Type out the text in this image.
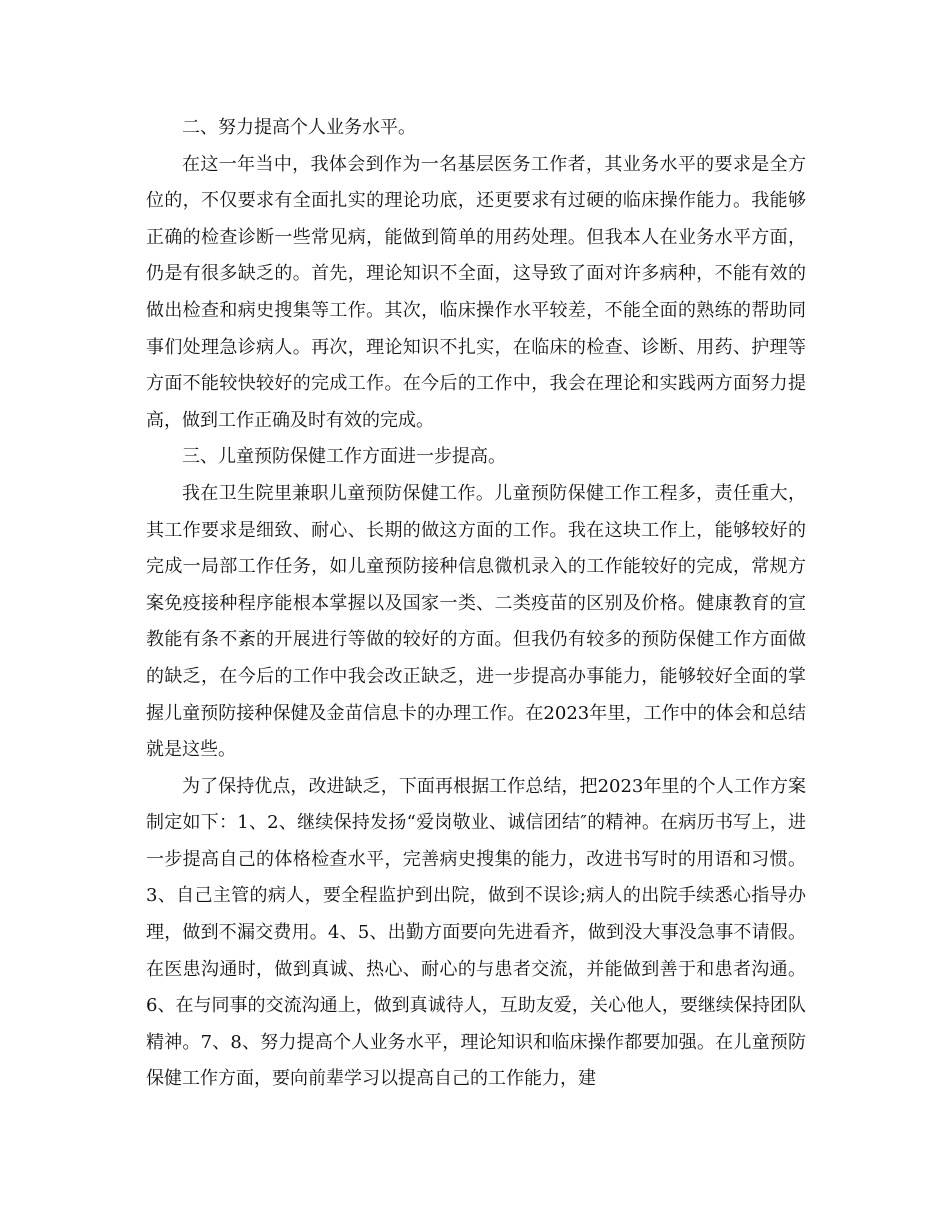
二、努力提高个人业务水平。

在这一年当中，我体会到作为一名基层医务工作者，其业务水平的要求是全方位的，不仅要求有全面扎实的理论功底，还更要求有过硬的临床操作能力。我能够正确的检查诊断一些常见病，能做到简单的用药处理。但我本人在业务水平方面，仍是有很多缺乏的。首先，理论知识不全面，这导致了面对许多病种，不能有效的做出检查和病史搜集等工作。其次，临床操作水平较差，不能全面的熟练的帮助同事们处理急诊病人。再次，理论知识不扎实，在临床的检查、诊断、用药、护理等方面不能较快较好的完成工作。在今后的工作中，我会在理论和实践两方面努力提高，做到工作正确及时有效的完成。

三、儿童预防保健工作方面进一步提高。

我在卫生院里兼职儿童预防保健工作。儿童预防保健工作工程多，责任重大，其工作要求是细致、耐心、长期的做这方面的工作。我在这块工作上，能够较好的完成一局部工作任务，如儿童预防接种信息微机录入的工作能较好的完成，常规方案免疫接种程序能根本掌握以及国家一类、二类疫苗的区别及价格。健康教育的宣教能有条不紊的开展进行等做的较好的方面。但我仍有较多的预防保健工作方面做的缺乏，在今后的工作中我会改正缺乏，进一步提高办事能力，能够较好全面的掌握儿童预防接种保健及金苗信息卡的办理工作。在2023年里，工作中的体会和总结就是这些。

为了保持优点，改进缺乏，下面再根据工作总结，把2023年里的个人工作方案制定如下：1、2、继续保持发扬“爱岗敬业、诚信团结″的精神。在病历书写上，进一步提高自己的体格检查水平，完善病史搜集的能力，改进书写时的用语和习惯。3、自己主管的病人，要全程监护到出院，做到不误诊;病人的出院手续悉心指导办理，做到不漏交费用。4、5、出勤方面要向先进看齐，做到没大事没急事不请假。在医患沟通时，做到真诚、热心、耐心的与患者交流，并能做到善于和患者沟通。6、在与同事的交流沟通上，做到真诚待人，互助友爱，关心他人，要继续保持团队精神。7、8、努力提高个人业务水平，理论知识和临床操作都要加强。在儿童预防保健工作方面，要向前辈学习以提高自己的工作能力，建
